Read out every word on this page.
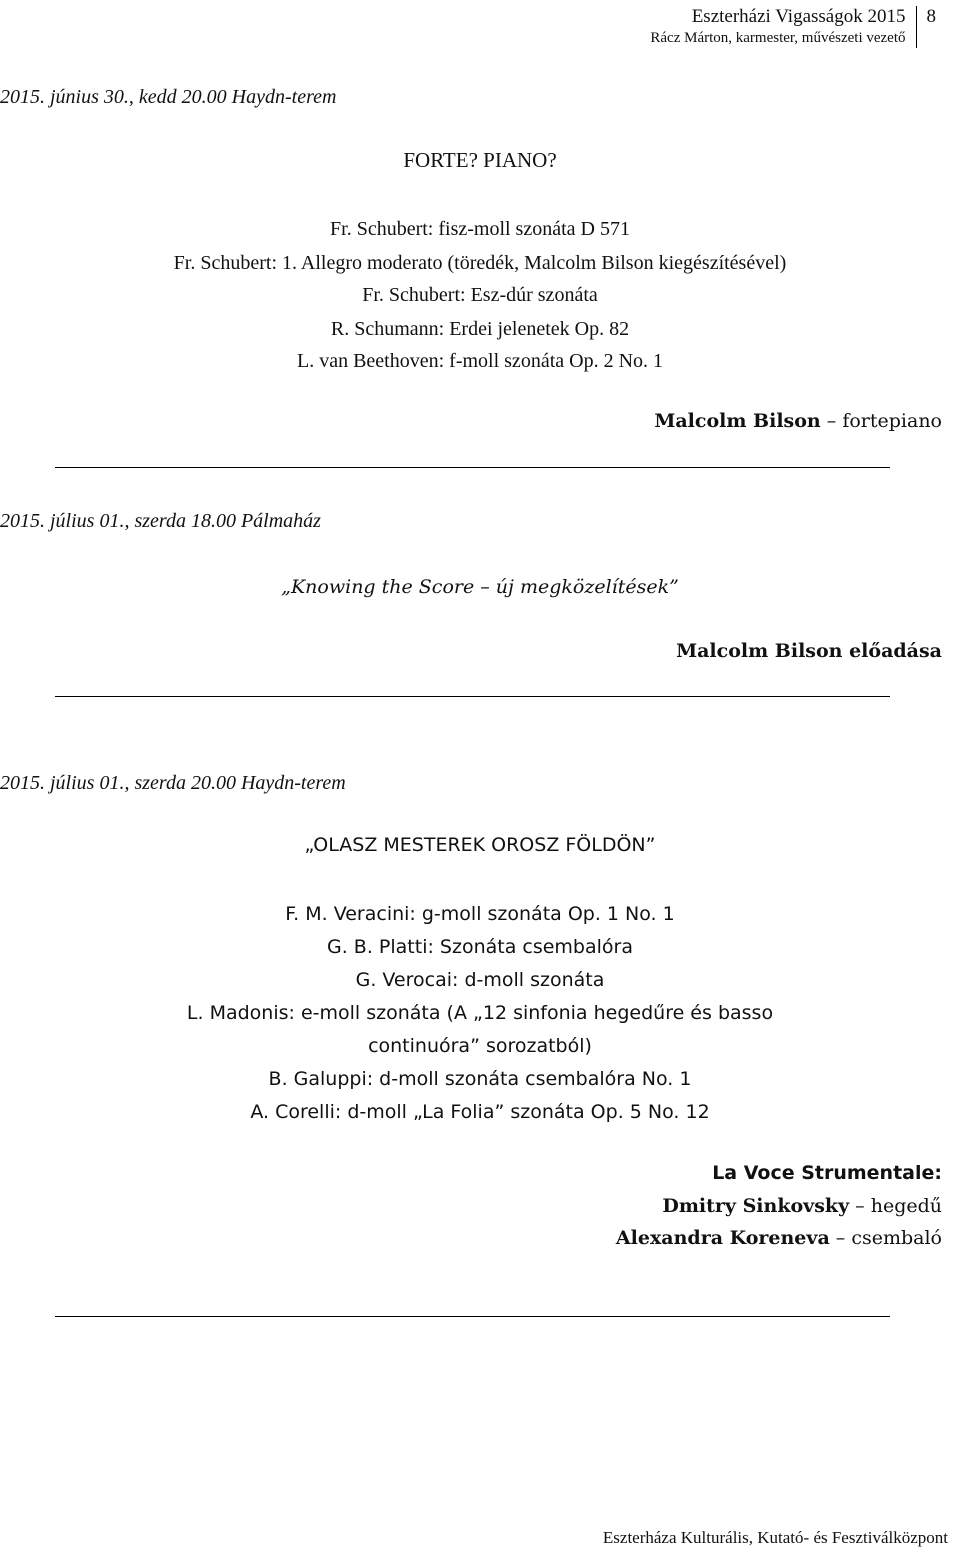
Eszterházi Vigasságok 2015
Rácz Márton, karmester, művészeti vezető
8
2015. június 30., kedd 20.00 Haydn-terem
FORTE? PIANO?
Fr. Schubert: fisz-moll szonáta D 571
Fr. Schubert: 1. Allegro moderato (töredék, Malcolm Bilson kiegészítésével)
Fr. Schubert: Esz-dúr szonáta
R. Schumann: Erdei jelenetek Op. 82
L. van Beethoven: f-moll szonáta Op. 2 No. 1
Malcolm Bilson – fortepiano
2015. július 01., szerda 18.00 Pálmaház
„Knowing the Score – új megközelítések”
Malcolm Bilson előadása
2015. július 01., szerda 20.00 Haydn-terem
„OLASZ MESTEREK OROSZ FÖLDÖN”
F. M. Veracini: g-moll szonáta Op. 1 No. 1
G. B. Platti: Szonáta csembalóra
G. Verocai: d-moll szonáta
L. Madonis: e-moll szonáta (A „12 sinfonia hegedűre és basso
continuóra” sorozatból)
B. Galuppi: d-moll szonáta csembalóra No. 1
A. Corelli: d-moll „La Folia” szonáta Op. 5 No. 12
La Voce Strumentale:
Dmitry Sinkovsky – hegedű
Alexandra Koreneva – csembaló
Eszterháza Kulturális, Kutató- és Fesztiválközpont
